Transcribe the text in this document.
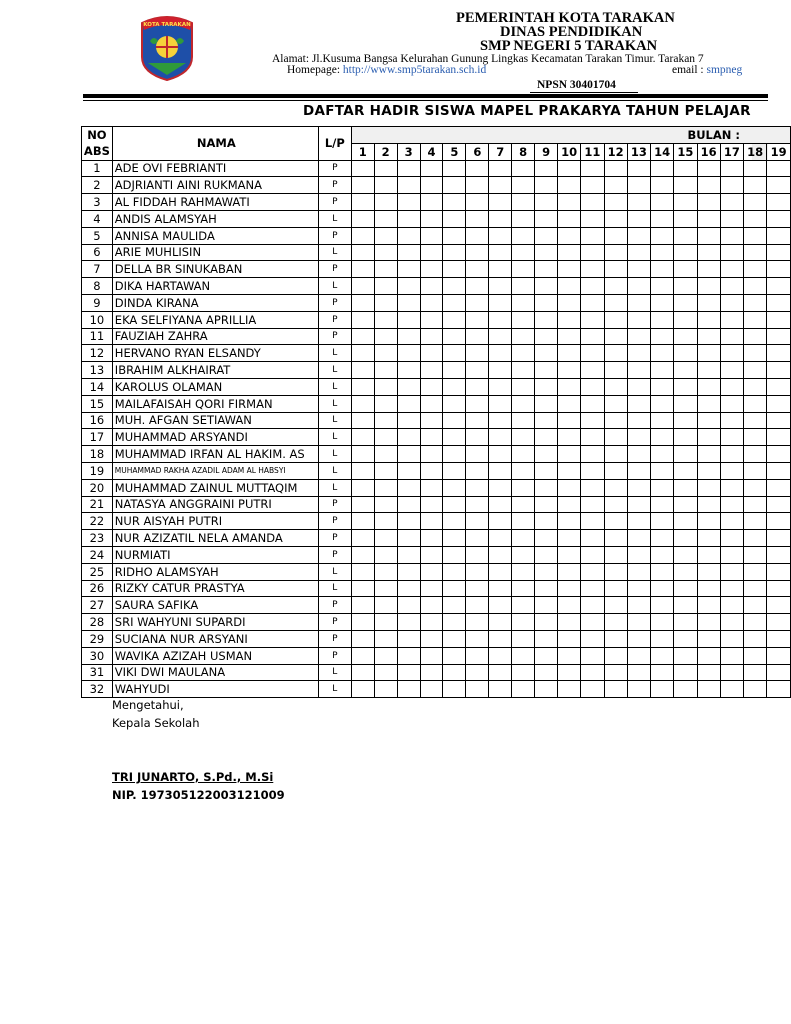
KOTA TARAKAN	PEMERINTAH KOTA TARAKAN
DINAS PENDIDIKAN
SMP NEGERI 5 TARAKAN
Alamat: Jl.Kusuma Bangsa Kelurahan Gunung Lingkas Kecamatan Tarakan Timur. Tarakan 7
Homepage: http://www.smp5tarakan.sch.id	email : smpneg
NPSN 30401704
DAFTAR HADIR SISWA MAPEL PRAKARYA TAHUN PELAJAR
NO	NAMA	L/P	BULAN :																		
ABS			1	2	3	4	5	6	7	8	9	10	11	12	13	14	15	16	17	18	19
1	ADE OVI FEBRIANTI	P																			
2	ADJRIANTI AINI RUKMANA	P																			
3	AL FIDDAH RAHMAWATI	P																			
4	ANDIS ALAMSYAH	L																			
5	ANNISA MAULIDA	P																			
6	ARIE MUHLISIN	L																			
7	DELLA BR SINUKABAN	P																			
8	DIKA HARTAWAN	L																			
9	DINDA KIRANA	P																			
10	EKA SELFIYANA APRILLIA	P																			
11	FAUZIAH ZAHRA	P																			
12	HERVANO RYAN ELSANDY	L																			
13	IBRAHIM ALKHAIRAT	L																			
14	KAROLUS OLAMAN	L																			
15	MAILAFAISAH QORI FIRMAN	L																			
16	MUH. AFGAN SETIAWAN	L																			
17	MUHAMMAD ARSYANDI	L																			
18	MUHAMMAD IRFAN AL HAKIM. AS	L																			
19	MUHAMMAD RAKHA AZADIL ADAM AL HABSYI	L																			
20	MUHAMMAD ZAINUL MUTTAQIM	L																			
21	NATASYA ANGGRAINI PUTRI	P																			
22	NUR AISYAH PUTRI	P																			
23	NUR AZIZATIL NELA AMANDA	P																			
24	NURMIATI	P																			
25	RIDHO ALAMSYAH	L																			
26	RIZKY CATUR PRASTYA	L																			
27	SAURA SAFIKA	P																			
28	SRI WAHYUNI SUPARDI	P																			
29	SUCIANA NUR ARSYANI	P																			
30	WAVIKA AZIZAH USMAN	P																			
31	VIKI DWI MAULANA	L																			
32	WAHYUDI	L																			
Mengetahui,
Kepala Sekolah
TRI JUNARTO, S.Pd., M.Si
NIP. 197305122003121009
